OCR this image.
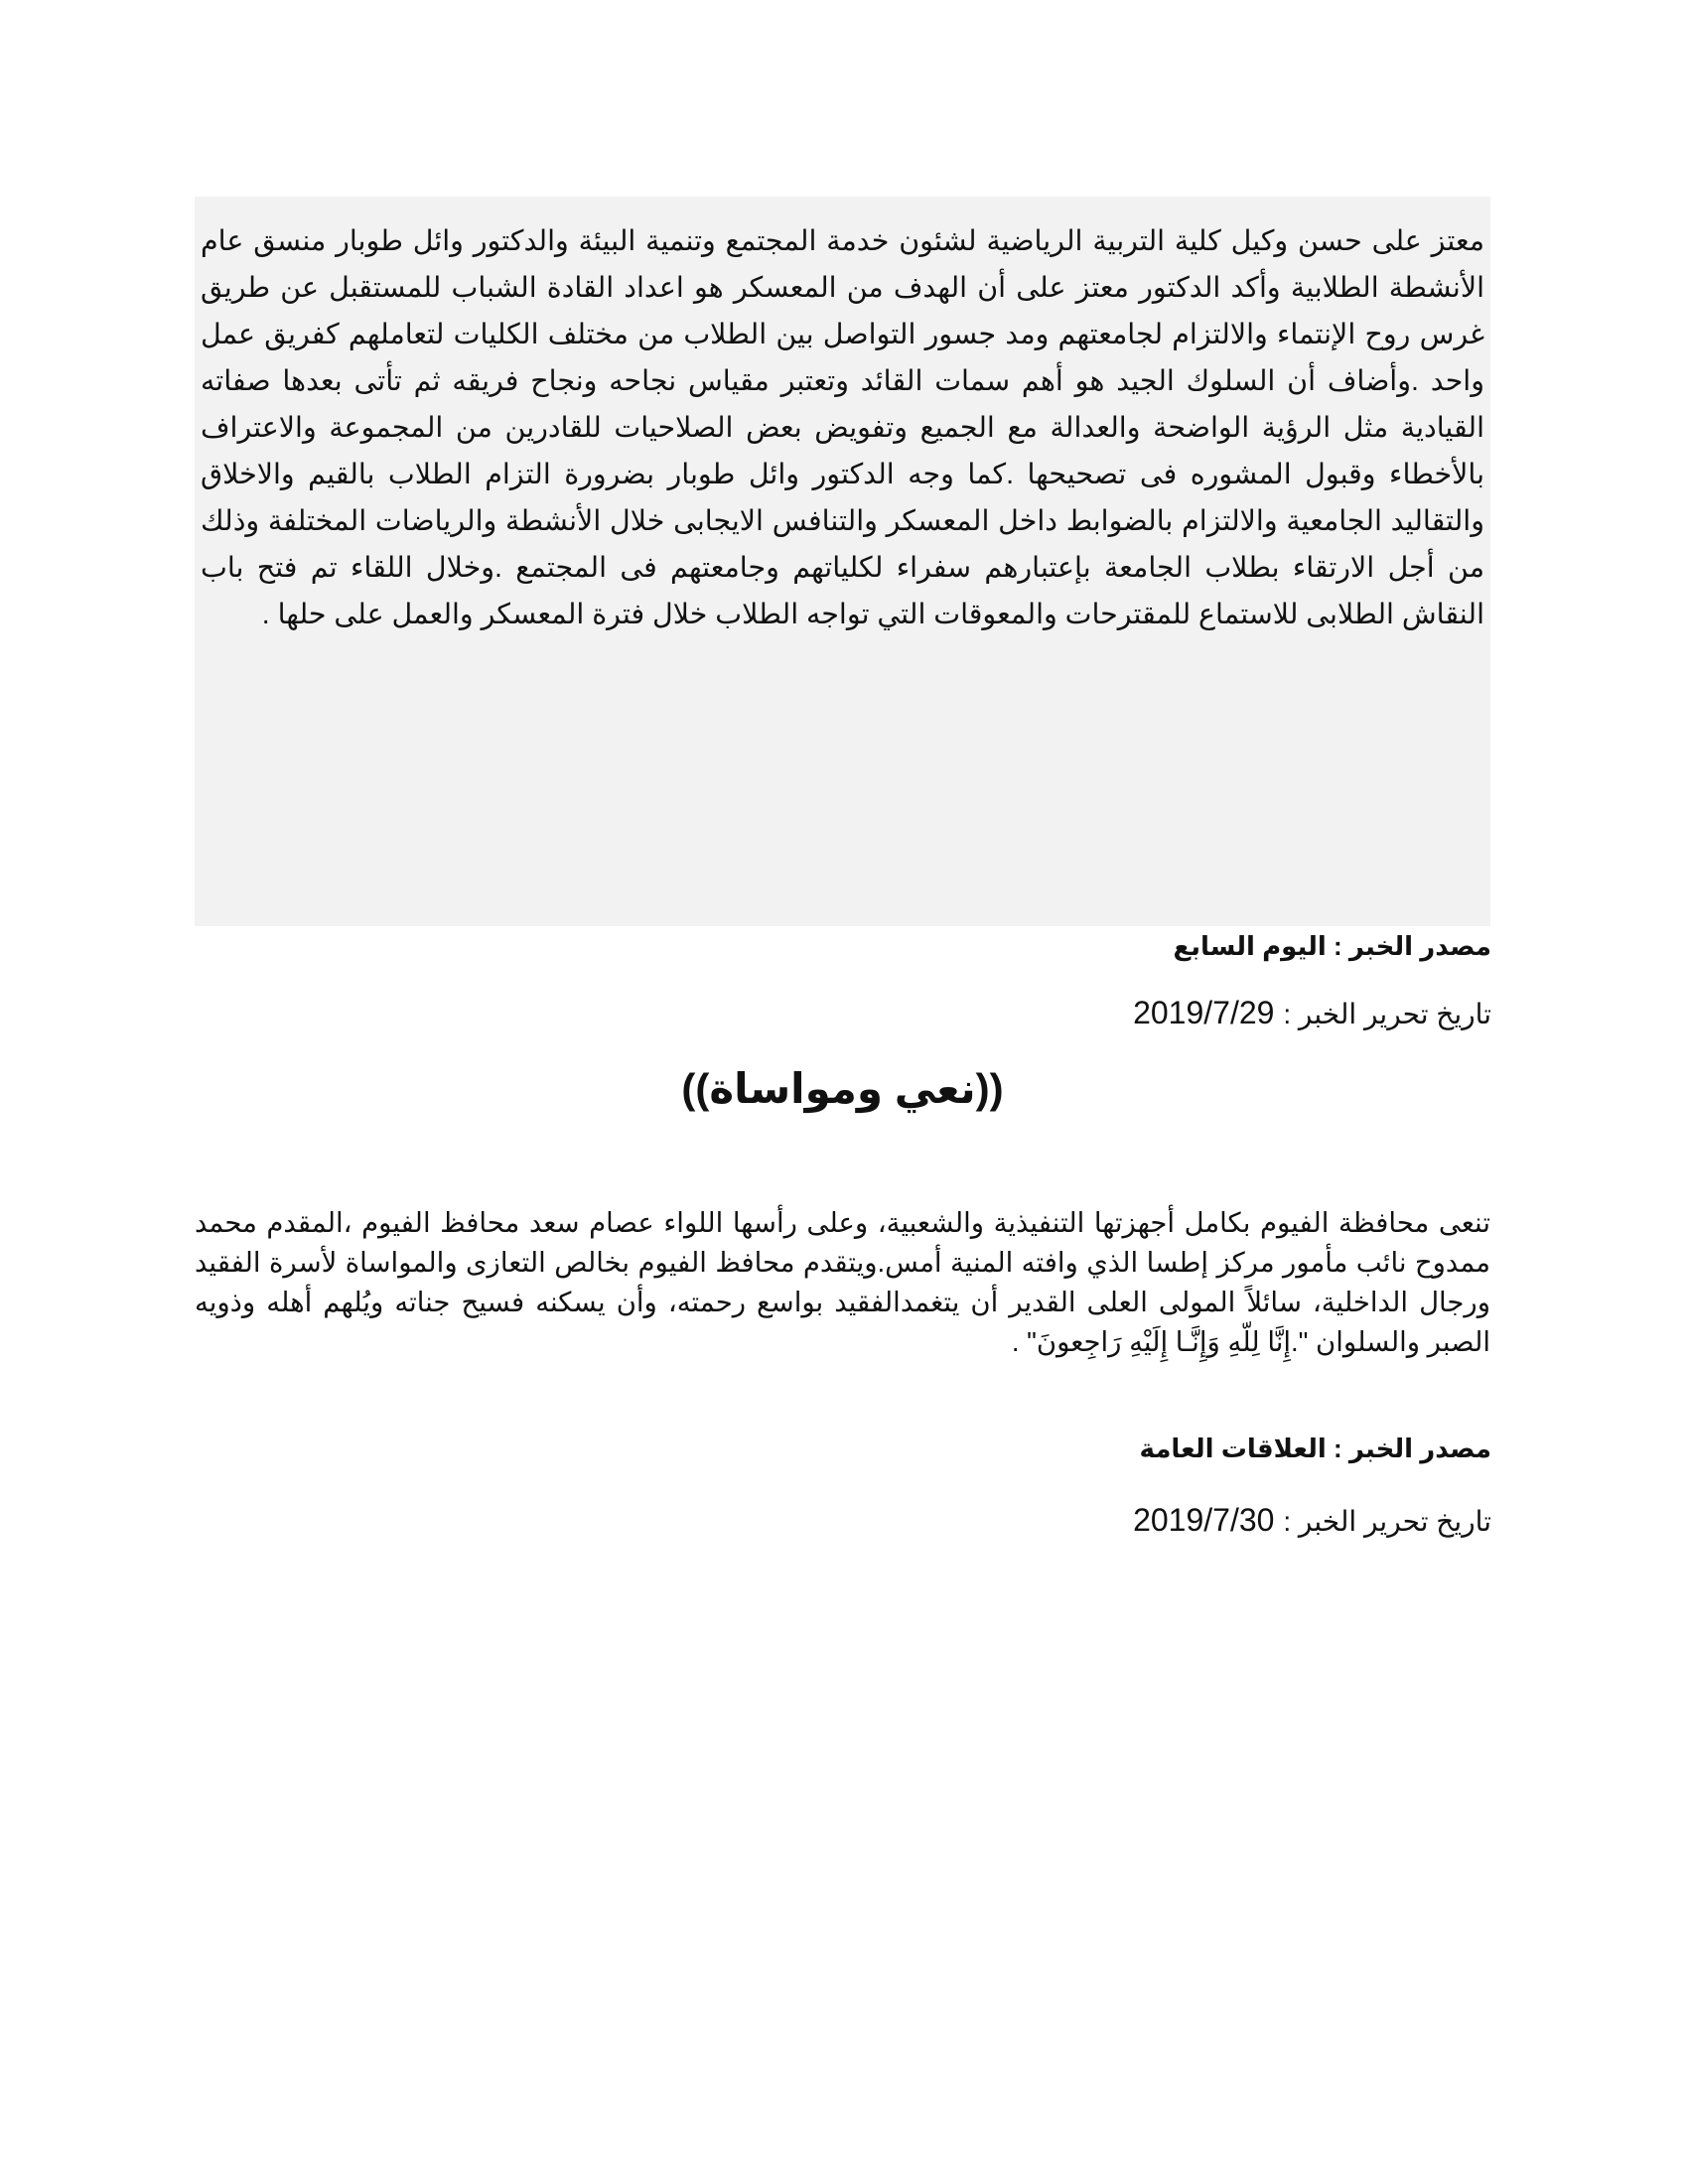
معتز على حسن وكيل كلية التربية الرياضية لشئون خدمة المجتمع وتنمية البيئة والدكتور وائل طوبار منسق عام الأنشطة الطلابية وأكد الدكتور معتز على أن الهدف من المعسكر هو اعداد القادة الشباب للمستقبل عن طريق غرس روح الإنتماء والالتزام لجامعتهم ومد جسور التواصل بين الطلاب من مختلف الكليات لتعاملهم كفريق عمل واحد .وأضاف أن السلوك الجيد هو أهم سمات القائد وتعتبر مقياس نجاحه ونجاح فريقه ثم تأتى بعدها صفاته القيادية مثل الرؤية الواضحة والعدالة مع الجميع وتفويض بعض الصلاحيات للقادرين من المجموعة والاعتراف بالأخطاء وقبول المشوره فى تصحيحها .كما وجه الدكتور وائل طوبار بضرورة التزام الطلاب بالقيم والاخلاق والتقاليد الجامعية والالتزام بالضوابط داخل المعسكر والتنافس الايجابى خلال الأنشطة والرياضات المختلفة وذلك من أجل الارتقاء بطلاب الجامعة بإعتبارهم سفراء لكلياتهم وجامعتهم فى المجتمع .وخلال اللقاء تم فتح باب النقاش الطلابى للاستماع للمقترحات والمعوقات التي تواجه الطلاب خلال فترة المعسكر والعمل على حلها .

مصدر الخبر : اليوم السابع

تاريخ تحرير الخبر : 2019/7/29

((نعي ومواساة))

تنعى محافظة الفيوم بكامل أجهزتها التنفيذية والشعبية، وعلى رأسها اللواء عصام سعد محافظ الفيوم ،المقدم محمد ممدوح نائب مأمور مركز إطسا الذي وافته المنية أمس.ويتقدم محافظ الفيوم بخالص التعازى والمواساة لأسرة الفقيد ورجال الداخلية، سائلاً المولى العلى القدير أن يتغمدالفقيد بواسع رحمته، وأن يسكنه فسيح جناته ويُلهم أهله وذويه الصبر والسلوان ".إِنَّا لِلّهِ وَإِنَّـا إِلَيْهِ رَاجِعونَ" .

مصدر الخبر : العلاقات العامة

تاريخ تحرير الخبر : 2019/7/30
